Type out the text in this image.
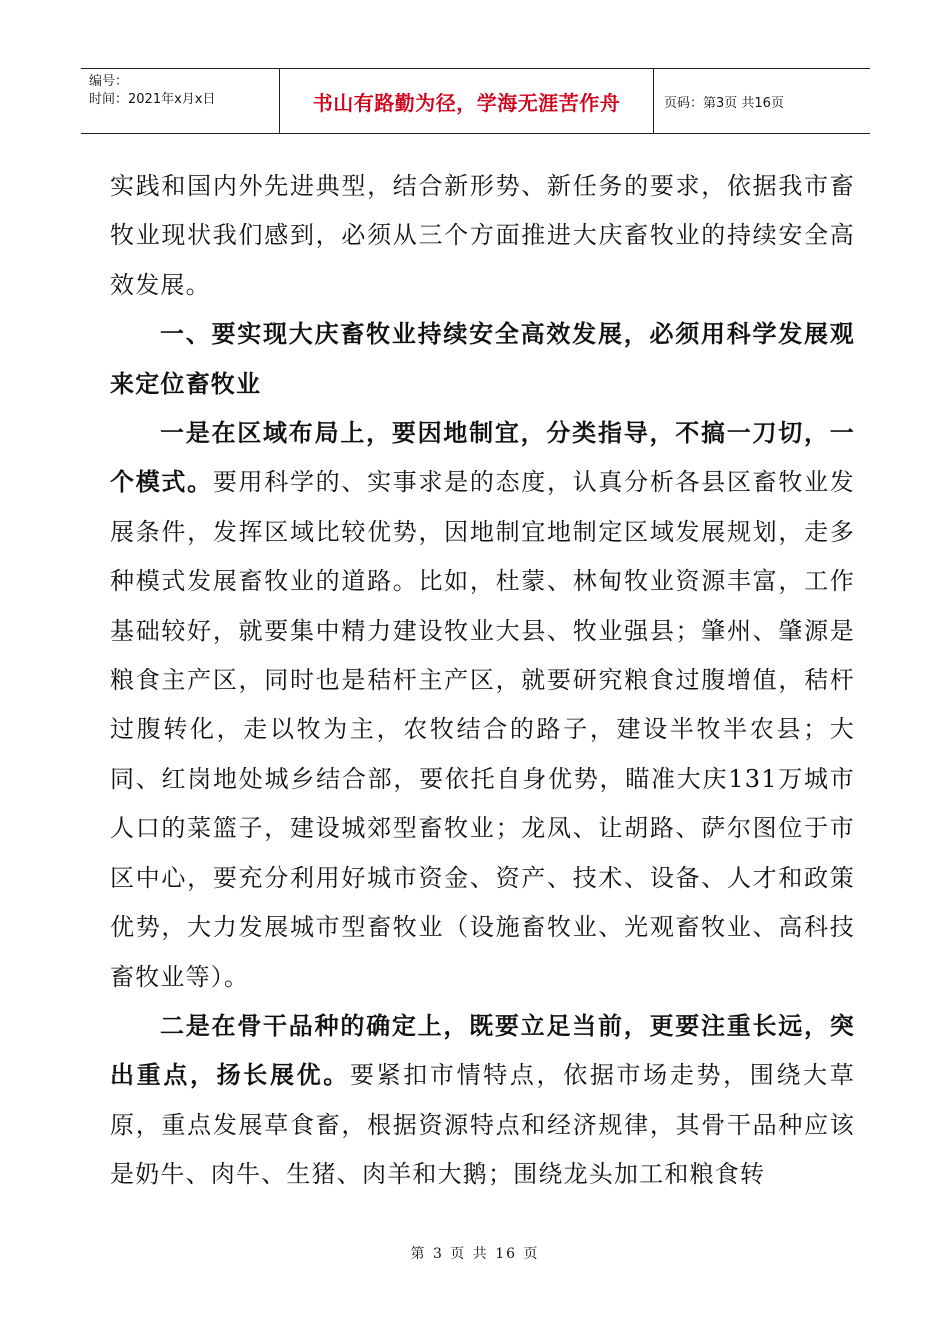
编号：
时间：2021年x月x日	书山有路勤为径，学海无涯苦作舟	页码：第3页 共16页

实践和国内外先进典型，结合新形势、新任务的要求，依据我市畜牧业现状我们感到，必须从三个方面推进大庆畜牧业的持续安全高效发展。

一、要实现大庆畜牧业持续安全高效发展，必须用科学发展观来定位畜牧业

一是在区域布局上，要因地制宜，分类指导，不搞一刀切，一个模式。要用科学的、实事求是的态度，认真分析各县区畜牧业发展条件，发挥区域比较优势，因地制宜地制定区域发展规划，走多种模式发展畜牧业的道路。比如，杜蒙、林甸牧业资源丰富，工作基础较好，就要集中精力建设牧业大县、牧业强县；肇州、肇源是粮食主产区，同时也是秸杆主产区，就要研究粮食过腹增值，秸杆过腹转化，走以牧为主，农牧结合的路子，建设半牧半农县；大同、红岗地处城乡结合部，要依托自身优势，瞄准大庆131万城市人口的菜篮子，建设城郊型畜牧业；龙凤、让胡路、萨尔图位于市区中心，要充分利用好城市资金、资产、技术、设备、人才和政策优势，大力发展城市型畜牧业（设施畜牧业、光观畜牧业、高科技畜牧业等）。

二是在骨干品种的确定上，既要立足当前，更要注重长远，突出重点，扬长展优。要紧扣市情特点，依据市场走势，围绕大草原，重点发展草食畜，根据资源特点和经济规律，其骨干品种应该是奶牛、肉牛、生猪、肉羊和大鹅；围绕龙头加工和粮食转

第 3 页 共 16 页
